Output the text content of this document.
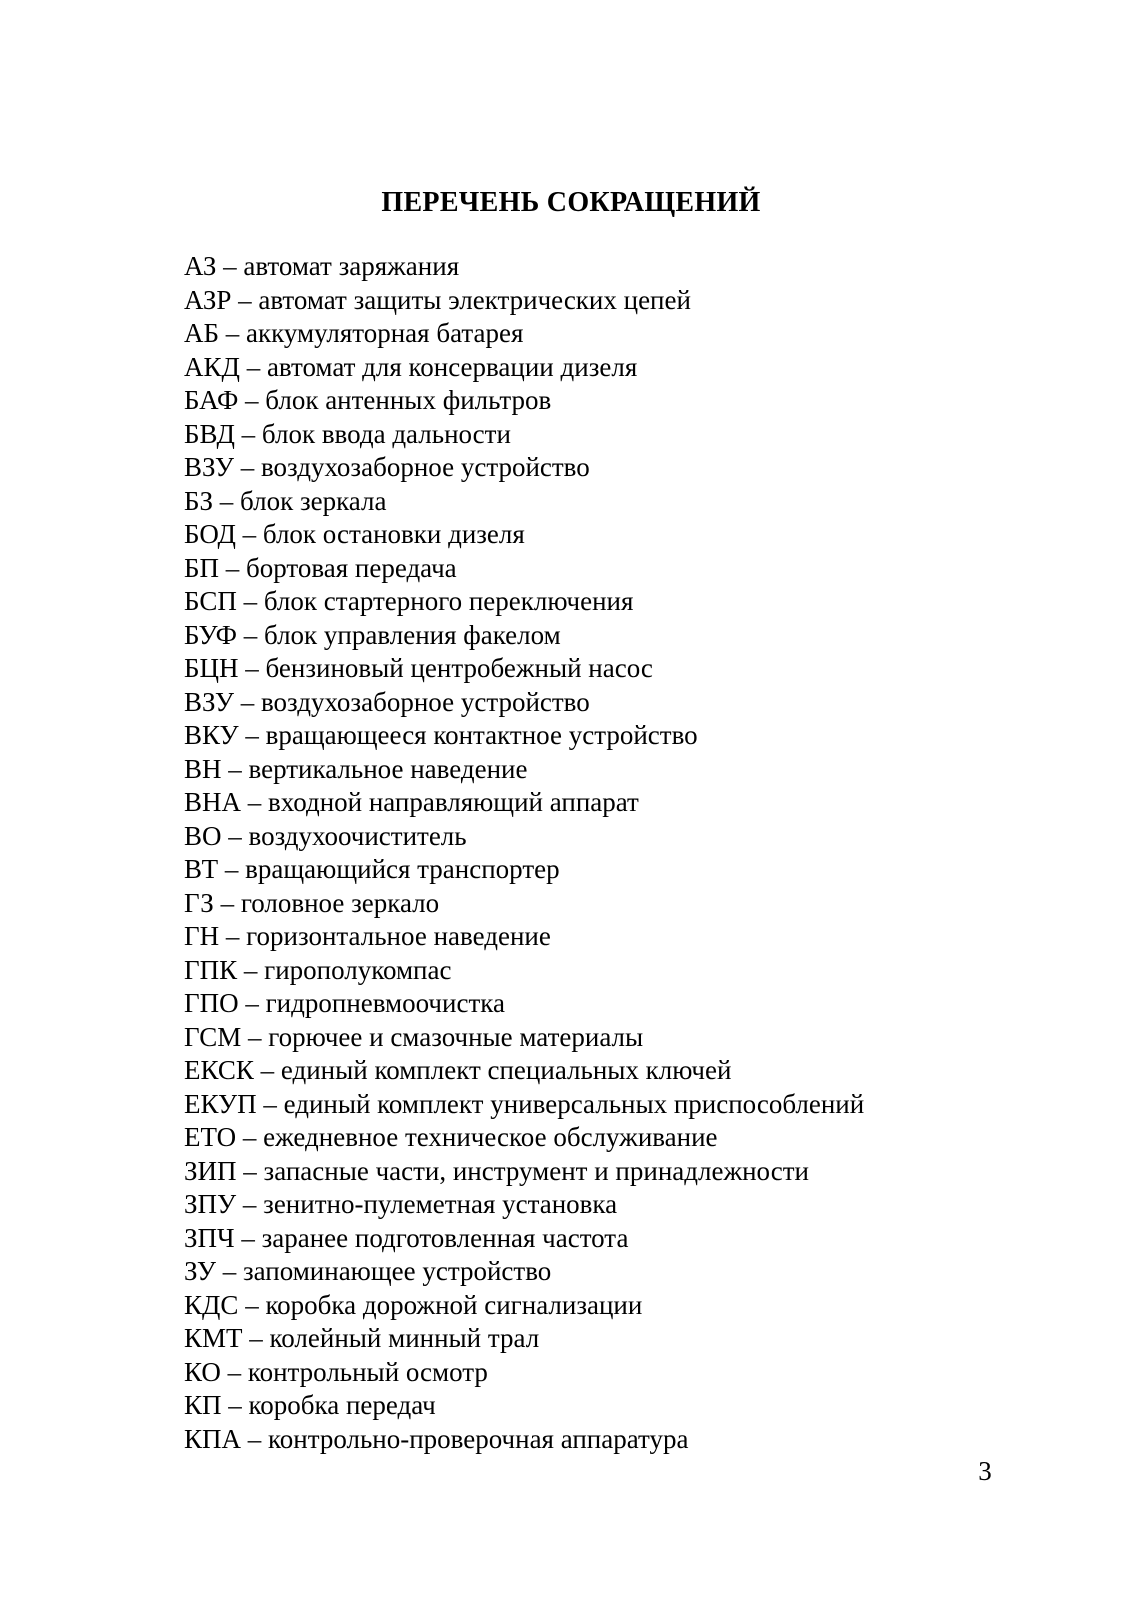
ПЕРЕЧЕНЬ СОКРАЩЕНИЙ
АЗ – автомат заряжания
АЗР – автомат защиты электрических цепей
АБ – аккумуляторная батарея
АКД – автомат для консервации дизеля
БАФ – блок антенных фильтров
БВД – блок ввода дальности
ВЗУ – воздухозаборное устройство
БЗ – блок зеркала
БОД – блок остановки дизеля
БП – бортовая передача
БСП – блок стартерного переключения
БУФ – блок управления факелом
БЦН – бензиновый центробежный насос
ВЗУ – воздухозаборное устройство
ВКУ – вращающееся контактное устройство
ВН – вертикальное наведение
ВНА – входной направляющий аппарат
ВО – воздухоочиститель
ВТ – вращающийся транспортер
ГЗ – головное зеркало
ГН – горизонтальное наведение
ГПК – гирополукомпас
ГПО – гидропневмоочистка
ГСМ – горючее и смазочные материалы
ЕКСК – единый комплект специальных ключей
ЕКУП – единый комплект универсальных приспособлений
ЕТО – ежедневное техническое обслуживание
ЗИП – запасные части, инструмент и принадлежности
ЗПУ – зенитно-пулеметная установка
ЗПЧ – заранее подготовленная частота
ЗУ – запоминающее устройство
КДС – коробка дорожной сигнализации
КМТ – колейный минный трал
КО – контрольный осмотр
КП – коробка передач
КПА – контрольно-проверочная аппаратура
3
